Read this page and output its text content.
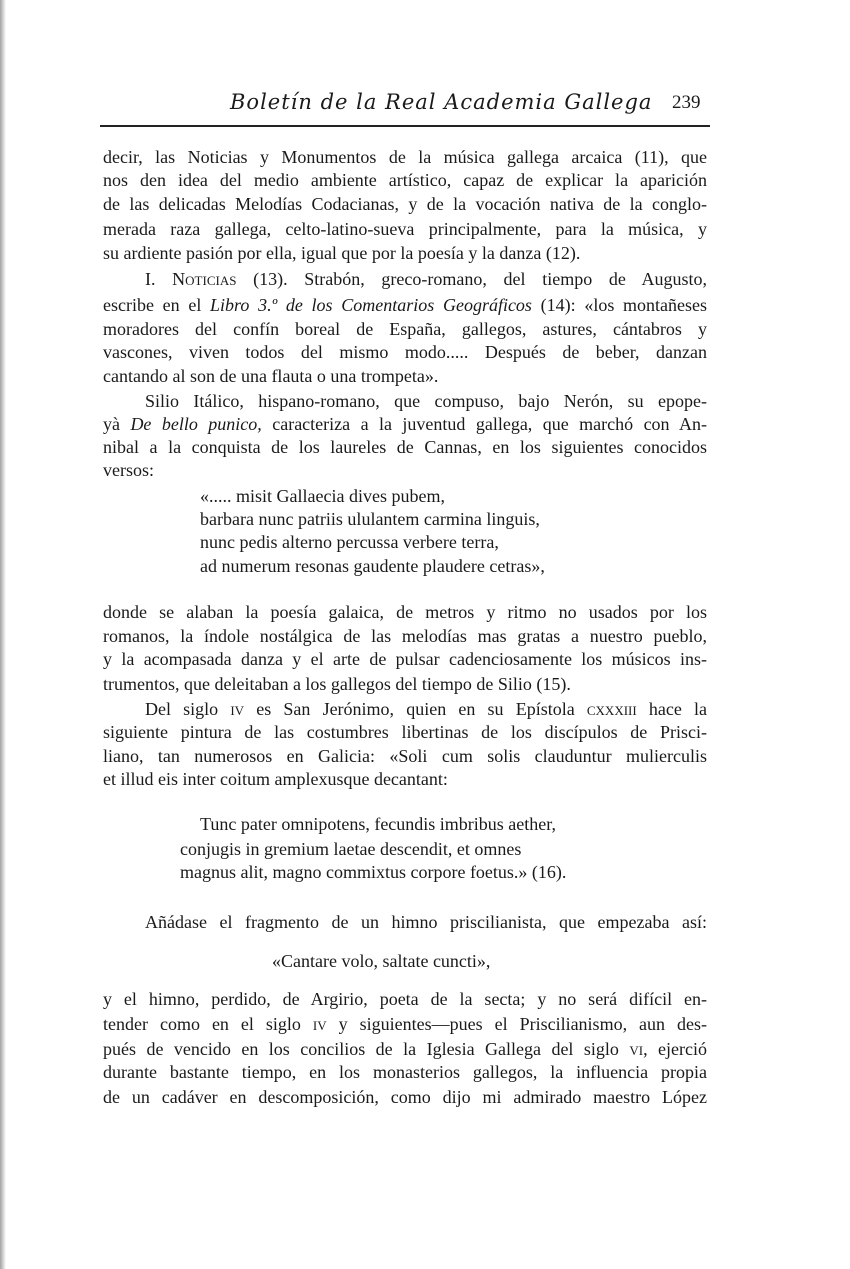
Boletín de la Real Academia Gallega 239
decir, las Noticias y Monumentos de la música gallega arcaica (11), que
nos den idea del medio ambiente artístico, capaz de explicar la aparición
de las delicadas Melodías Codacianas, y de la vocación nativa de la conglo-
merada raza gallega, celto-latino-sueva principalmente, para la música, y
su ardiente pasión por ella, igual que por la poesía y la danza (12).
I. Noticias (13). Strabón, greco-romano, del tiempo de Augusto,
escribe en el Libro 3.º de los Comentarios Geográficos (14): «los montañeses
moradores del confín boreal de España, gallegos, astures, cántabros y
vascones, viven todos del mismo modo..... Después de beber, danzan
cantando al son de una flauta o una trompeta».
Silio Itálico, hispano-romano, que compuso, bajo Nerón, su epope-
yà De bello punico, caracteriza a la juventud gallega, que marchó con An-
nibal a la conquista de los laureles de Cannas, en los siguientes conocidos
versos:
«..... misit Gallaecia dives pubem,
barbara nunc patriis ululantem carmina linguis,
nunc pedis alterno percussa verbere terra,
ad numerum resonas gaudente plaudere cetras»,
donde se alaban la poesía galaica, de metros y ritmo no usados por los
romanos, la índole nostálgica de las melodías mas gratas a nuestro pueblo,
y la acompasada danza y el arte de pulsar cadenciosamente los músicos ins-
trumentos, que deleitaban a los gallegos del tiempo de Silio (15).
Del siglo iv es San Jerónimo, quien en su Epístola cxxxiii hace la
siguiente pintura de las costumbres libertinas de los discípulos de Prisci-
liano, tan numerosos en Galicia: «Soli cum solis clauduntur mulierculis
et illud eis inter coitum amplexusque decantant:
Tunc pater omnipotens, fecundis imbribus aether,
conjugis in gremium laetae descendit, et omnes
magnus alit, magno commixtus corpore foetus.» (16).
Añádase el fragmento de un himno priscilianista, que empezaba así:
«Cantare volo, saltate cuncti»,
y el himno, perdido, de Argirio, poeta de la secta; y no será difícil en-
tender como en el siglo iv y siguientes—pues el Priscilianismo, aun des-
pués de vencido en los concilios de la Iglesia Gallega del siglo vi, ejerció
durante bastante tiempo, en los monasterios gallegos, la influencia propia
de un cadáver en descomposición, como dijo mi admirado maestro López
